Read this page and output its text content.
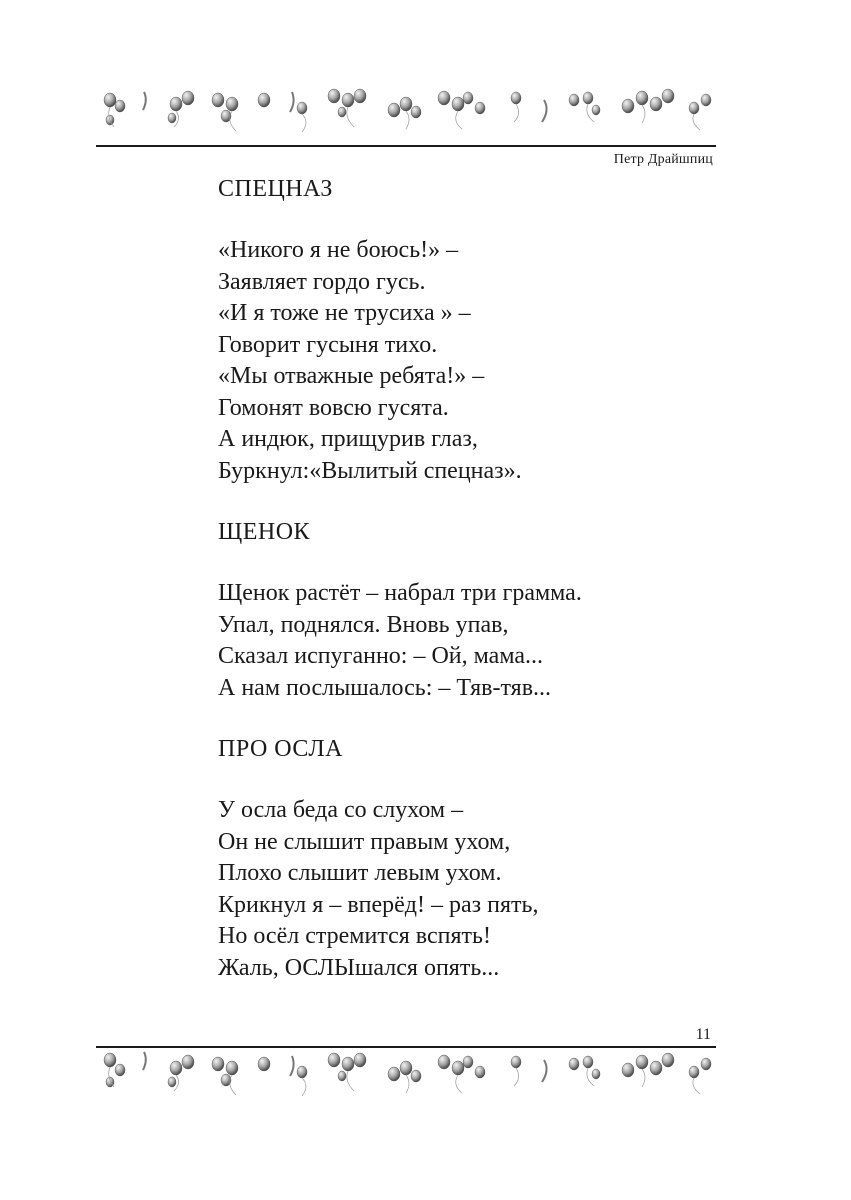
Петр Драйшпиц
СПЕЦНАЗ
«Никого я не боюсь!» –
Заявляет гордо гусь.
«И я тоже не трусиха » –
Говорит гусыня тихо.
«Мы отважные ребята!» –
Гомонят вовсю гусята.
А индюк, прищурив глаз,
Буркнул:«Вылитый спецназ».
ЩЕНОК
Щенок растёт – набрал три грамма.
Упал, поднялся. Вновь упав,
Сказал испуганно: – Ой, мама...
А нам послышалось: – Тяв-тяв...
ПРО ОСЛА
У осла беда со слухом –
Он не слышит правым ухом,
Плохо слышит левым ухом.
Крикнул я – вперёд! – раз пять,
Но осёл стремится вспять!
Жаль, ОСЛЫшался опять...
11
